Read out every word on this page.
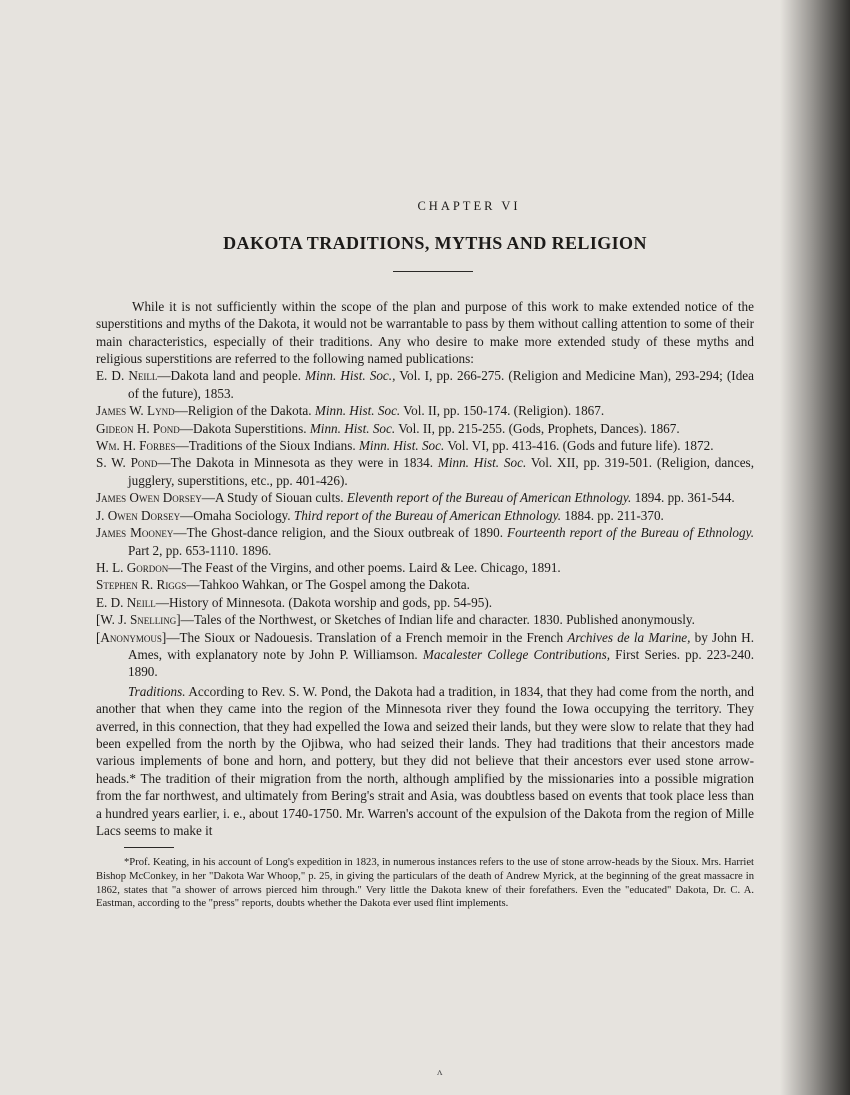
CHAPTER VI
DAKOTA TRADITIONS, MYTHS AND RELIGION

While it is not sufficiently within the scope of the plan and purpose of this work to make extended notice of the superstitions and myths of the Dakota, it would not be warrantable to pass by them without calling attention to some of their main characteristics, especially of their traditions. Any who desire to make more extended study of these myths and religious superstitions are referred to the following named publications:

E. D. Neill—Dakota land and people. Minn. Hist. Soc., Vol. I, pp. 266-275. (Religion and Medicine Man), 293-294; (Idea of the future), 1853.

James W. Lynd—Religion of the Dakota. Minn. Hist. Soc. Vol. II, pp. 150-174. (Religion). 1867.

Gideon H. Pond—Dakota Superstitions. Minn. Hist. Soc. Vol. II, pp. 215-255. (Gods, Prophets, Dances). 1867.

Wm. H. Forbes—Traditions of the Sioux Indians. Minn. Hist. Soc. Vol. VI, pp. 413-416. (Gods and future life). 1872.

S. W. Pond—The Dakota in Minnesota as they were in 1834. Minn. Hist. Soc. Vol. XII, pp. 319-501. (Religion, dances, jugglery, superstitions, etc., pp. 401-426).

James Owen Dorsey—A Study of Siouan cults. Eleventh report of the Bureau of American Ethnology. 1894. pp. 361-544.

J. Owen Dorsey—Omaha Sociology. Third report of the Bureau of American Ethnology. 1884. pp. 211-370.

James Mooney—The Ghost-dance religion, and the Sioux outbreak of 1890. Fourteenth report of the Bureau of Ethnology. Part 2, pp. 653-1110. 1896.

H. L. Gordon—The Feast of the Virgins, and other poems. Laird & Lee. Chicago, 1891.

Stephen R. Riggs—Tahkoo Wahkan, or The Gospel among the Dakota.

E. D. Neill—History of Minnesota. (Dakota worship and gods, pp. 54-95).

[W. J. Snelling]—Tales of the Northwest, or Sketches of Indian life and character. 1830. Published anonymously.

[Anonymous]—The Sioux or Nadouesis. Translation of a French memoir in the French Archives de la Marine, by John H. Ames, with explanatory note by John P. Williamson. Macalester College Contributions, First Series. pp. 223-240. 1890.

Traditions. According to Rev. S. W. Pond, the Dakota had a tradition, in 1834, that they had come from the north, and another that when they came into the region of the Minnesota river they found the Iowa occupying the territory. They averred, in this connection, that they had expelled the Iowa and seized their lands, but they were slow to relate that they had been expelled from the north by the Ojibwa, who had seized their lands. They had traditions that their ancestors made various implements of bone and horn, and pottery, but they did not believe that their ancestors ever used stone arrow-heads.* The tradition of their migration from the north, although amplified by the missionaries into a possible migration from the far northwest, and ultimately from Bering's strait and Asia, was doubtless based on events that took place less than a hundred years earlier, i. e., about 1740-1750. Mr. Warren's account of the expulsion of the Dakota from the region of Mille Lacs seems to make it

*Prof. Keating, in his account of Long's expedition in 1823, in numerous instances refers to the use of stone arrow-heads by the Sioux. Mrs. Harriet Bishop McConkey, in her "Dakota War Whoop," p. 25, in giving the particulars of the death of Andrew Myrick, at the beginning of the great massacre in 1862, states that "a shower of arrows pierced him through." Very little the Dakota knew of their forefathers. Even the "educated" Dakota, Dr. C. A. Eastman, according to the "press" reports, doubts whether the Dakota ever used flint implements.

ʌ
